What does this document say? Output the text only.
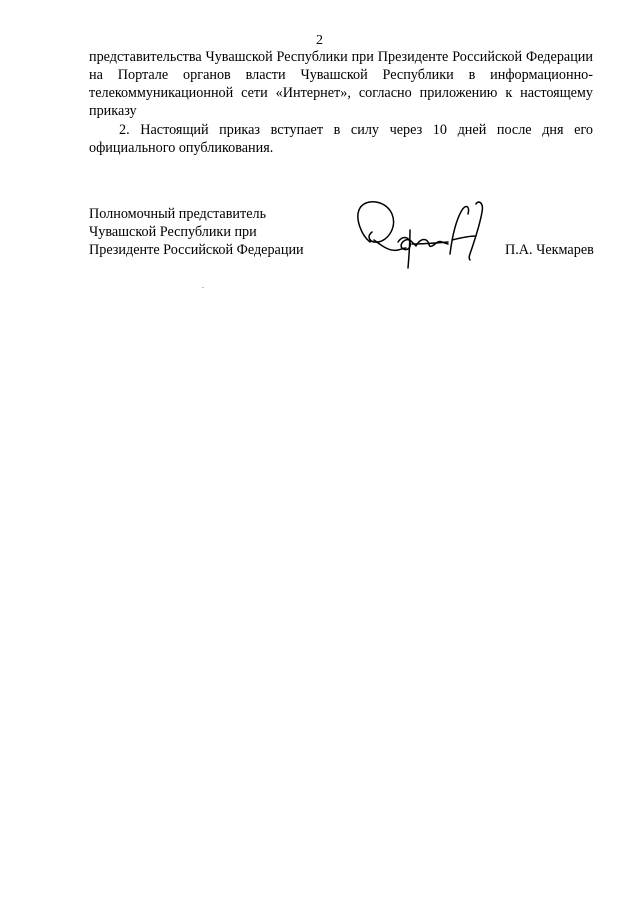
2
представительства Чувашской Республики при Президенте Российской Федерации
на Портале органов власти Чувашской Республики в информационно-
телекоммуникационной сети «Интернет», согласно приложению к настоящему
приказу
2. Настоящий приказ вступает в силу через 10 дней после дня его
официального опубликования.
Полномочный представитель
Чувашской Республики при
Президенте Российской Федерации	П.А. Чекмарев
